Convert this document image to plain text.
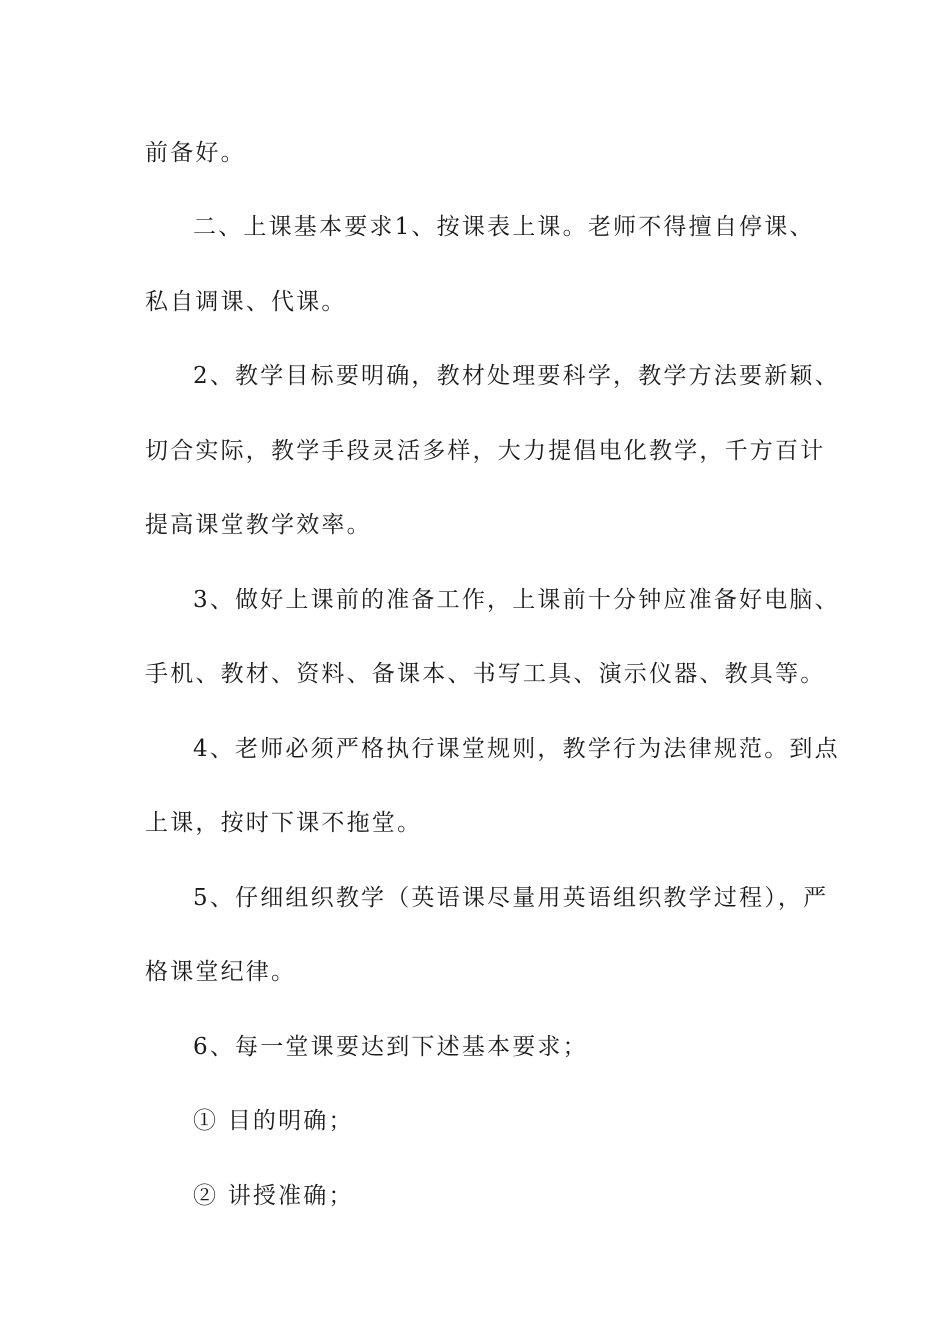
前备好。

二、上课基本要求1、按课表上课。老师不得擅自停课、

私自调课、代课。

2、教学目标要明确，教材处理要科学，教学方法要新颖、

切合实际，教学手段灵活多样，大力提倡电化教学，千方百计

提高课堂教学效率。

3、做好上课前的准备工作，上课前十分钟应准备好电脑、

手机、教材、资料、备课本、书写工具、演示仪器、教具等。

4、老师必须严格执行课堂规则，教学行为法律规范。到点

上课，按时下课不拖堂。

5、仔细组织教学（英语课尽量用英语组织教学过程），严

格课堂纪律。

6、每一堂课要达到下述基本要求；

① 目的明确；

② 讲授准确；
